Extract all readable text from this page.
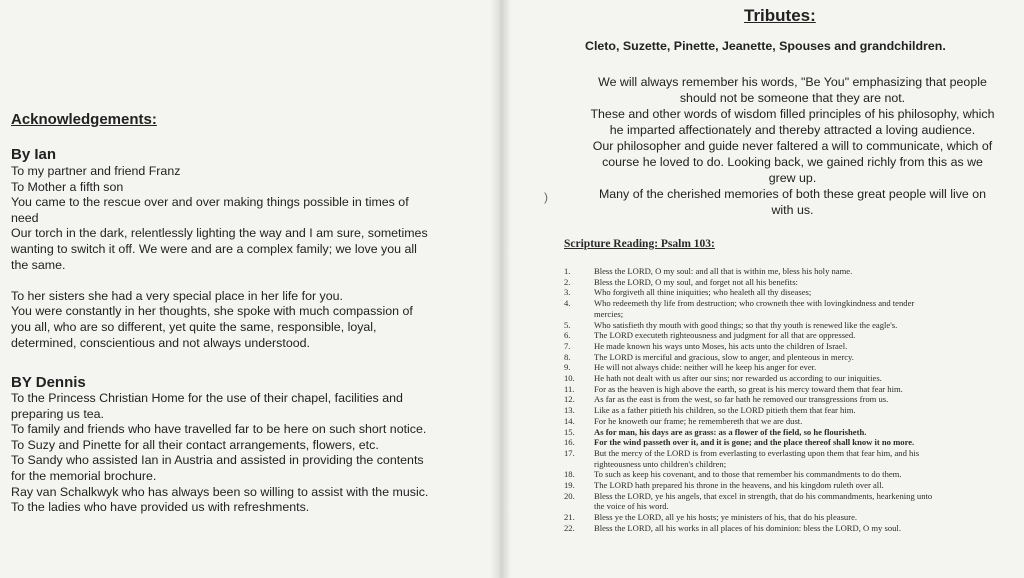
Acknowledgements:
By Ian
To my partner and friend Franz
To Mother a fifth son
You came to the rescue over and over making things possible in times of
need
Our torch in the dark, relentlessly lighting the way and I am sure, sometimes
wanting to switch it off. We were and are a complex family; we love you all
the same.
To her sisters she had a very special place in her life for you.
You were constantly in her thoughts, she spoke with much compassion of
you all, who are so different, yet quite the same, responsible, loyal,
determined, conscientious and not always understood.
BY Dennis
To the Princess Christian Home for the use of their chapel, facilities and
preparing us tea.
To family and friends who have travelled far to be here on such short notice.
To Suzy and Pinette for all their contact arrangements, flowers, etc.
To Sandy who assisted Ian in Austria and assisted in providing the contents
for the memorial brochure.
Ray van Schalkwyk who has always been so willing to assist with the music.
To the ladies who have provided us with refreshments.
)
Tributes:
Cleto, Suzette, Pinette, Jeanette, Spouses and grandchildren.
We will always remember his words, "Be You" emphasizing that people
should not be someone that they are not.
These and other words of wisdom filled principles of his philosophy, which
he imparted affectionately and thereby attracted a loving audience.
Our philosopher and guide never faltered a will to communicate, which of
course he loved to do. Looking back, we gained richly from this as we
grew up.
Many of the cherished memories of both these great people will live on
with us.
Scripture Reading: Psalm 103:
1.	Bless the LORD, O my soul: and all that is within me, bless his holy name.
2.	Bless the LORD, O my soul, and forget not all his benefits:
3.	Who forgiveth all thine iniquities; who healeth all thy diseases;
4.	Who redeemeth thy life from destruction; who crowneth thee with lovingkindness and tender
mercies;
5.	Who satisfieth thy mouth with good things; so that thy youth is renewed like the eagle's.
6.	The LORD executeth righteousness and judgment for all that are oppressed.
7.	He made known his ways unto Moses, his acts unto the children of Israel.
8.	The LORD is merciful and gracious, slow to anger, and plenteous in mercy.
9.	He will not always chide: neither will he keep his anger for ever.
10. He hath not dealt with us after our sins; nor rewarded us according to our iniquities.
11. For as the heaven is high above the earth, so great is his mercy toward them that fear him.
12. As far as the east is from the west, so far hath he removed our transgressions from us.
13. Like as a father pitieth his children, so the LORD pitieth them that fear him.
14. For he knoweth our frame; he remembereth that we are dust.
15. As for man, his days are as grass: as a flower of the field, so he flourisheth.
16. For the wind passeth over it, and it is gone; and the place thereof shall know it no more.
17. But the mercy of the LORD is from everlasting to everlasting upon them that fear him, and his
righteousness unto children's children;
18. To such as keep his covenant, and to those that remember his commandments to do them.
19. The LORD hath prepared his throne in the heavens, and his kingdom ruleth over all.
20. Bless the LORD, ye his angels, that excel in strength, that do his commandments, hearkening unto
the voice of his word.
21. Bless ye the LORD, all ye his hosts; ye ministers of his, that do his pleasure.
22. Bless the LORD, all his works in all places of his dominion: bless the LORD, O my soul.
